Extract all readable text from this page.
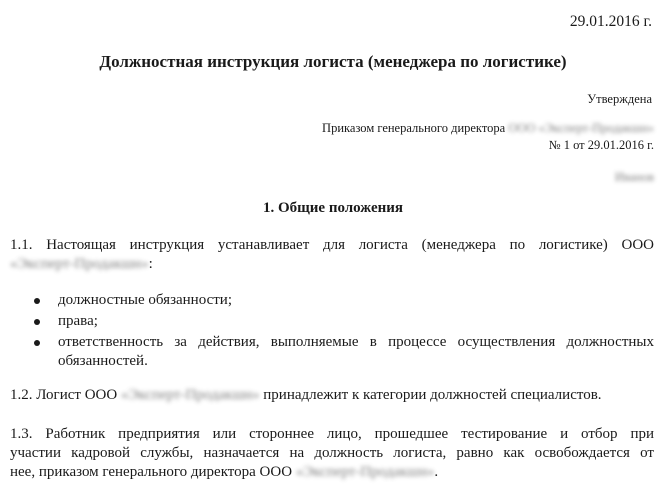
29.01.2016 г.
Должностная инструкция логиста (менеджера по логистике)
Утверждена
Приказом генерального директора ООО «Эксперт-Продакшн»
№ 1 от 29.01.2016 г.
Иванов
1. Общие положения
1.1. Настоящая инструкция устанавливает для логиста (менеджера по логистике) ООО
«Эксперт-Продакшн»:
должностные обязанности;
права;
ответственность за действия, выполняемые в процессе осуществления должностных обязанностей.
1.2. Логист ООО «Эксперт-Продакшн» принадлежит к категории должностей специалистов.
1.3. Работник предприятия или стороннее лицо, прошедшее тестирование и отбор при
участии кадровой службы, назначается на должность логиста, равно как освобождается от
нее, приказом генерального директора ООО «Эксперт-Продакшн».
